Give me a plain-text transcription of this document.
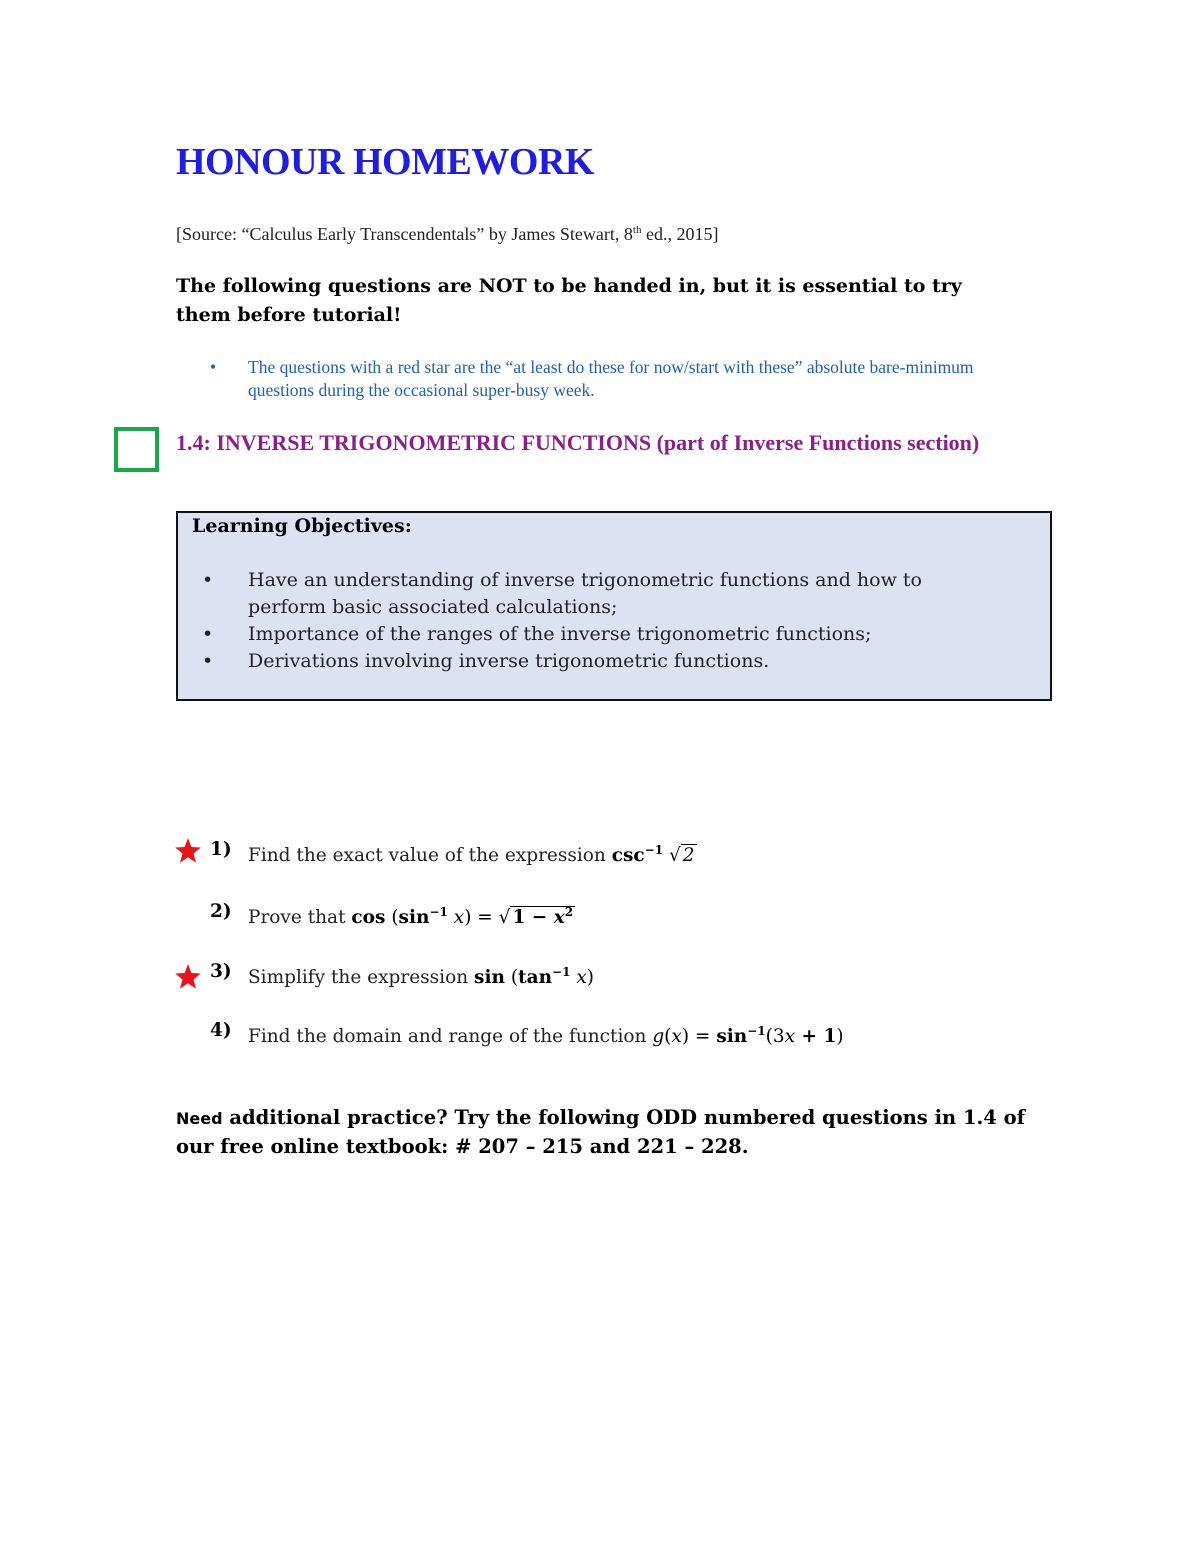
HONOUR HOMEWORK
[Source: “Calculus Early Transcendentals” by James Stewart, 8th ed., 2015]
The following questions are NOT to be handed in, but it is essential to try them before tutorial!
• The questions with a red star are the “at least do these for now/start with these” absolute bare-minimum questions during the occasional super-busy week.
1.4: INVERSE TRIGONOMETRIC FUNCTIONS (part of Inverse Functions section)
Learning Objectives:
• Have an understanding of inverse trigonometric functions and how to perform basic associated calculations;
• Importance of the ranges of the inverse trigonometric functions;
• Derivations involving inverse trigonometric functions.
1) Find the exact value of the expression $\csc^{-1}$ √ 2
2) Prove that $\cos (\sin^{-1}$ x) = √ $1 - x^2$
3) Simplify the expression $\sin (\tan^{-1}$ x)
4) Find the domain and range of the function $g(x) = \sin^{-1}(3x + 1)$
Need additional practice? Try the following ODD numbered questions in 1.4 of our free online textbook: # 207 – 215 and 221 – 228.
